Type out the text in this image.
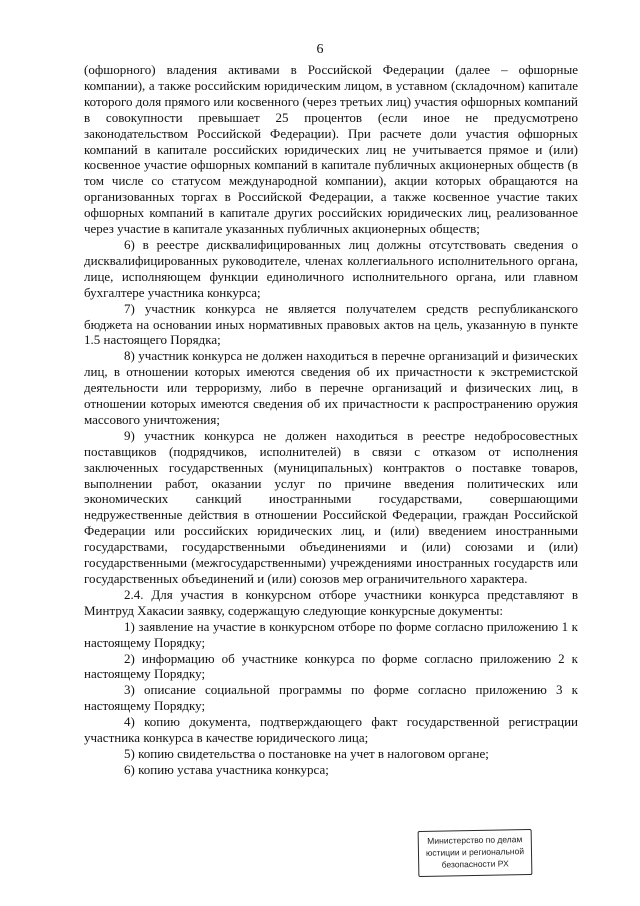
6

(офшорного) владения активами в Российской Федерации (далее – офшорные компании), а также российским юридическим лицом, в уставном (складочном) капитале которого доля прямого или косвенного (через третьих лиц) участия офшорных компаний в совокупности превышает 25 процентов (если иное не предусмотрено законодательством Российской Федерации). При расчете доли участия офшорных компаний в капитале российских юридических лиц не учитывается прямое и (или) косвенное участие офшорных компаний в капитале публичных акционерных обществ (в том числе со статусом международной компании), акции которых обращаются на организованных торгах в Российской Федерации, а также косвенное участие таких офшорных компаний в капитале других российских юридических лиц, реализованное через участие в капитале указанных публичных акционерных обществ;

6) в реестре дисквалифицированных лиц должны отсутствовать сведения о дисквалифицированных руководителе, членах коллегиального исполнительного органа, лице, исполняющем функции единоличного исполнительного органа, или главном бухгалтере участника конкурса;

7) участник конкурса не является получателем средств республиканского бюджета на основании иных нормативных правовых актов на цель, указанную в пункте 1.5 настоящего Порядка;

8) участник конкурса не должен находиться в перечне организаций и физических лиц, в отношении которых имеются сведения об их причастности к экстремистской деятельности или терроризму, либо в перечне организаций и физических лиц, в отношении которых имеются сведения об их причастности к распространению оружия массового уничтожения;

9) участник конкурса не должен находиться в реестре недобросовестных поставщиков (подрядчиков, исполнителей) в связи с отказом от исполнения заключенных государственных (муниципальных) контрактов о поставке товаров, выполнении работ, оказании услуг по причине введения политических или экономических санкций иностранными государствами, совершающими недружественные действия в отношении Российской Федерации, граждан Российской Федерации или российских юридических лиц, и (или) введением иностранными государствами, государственными объединениями и (или) союзами и (или) государственными (межгосударственными) учреждениями иностранных государств или государственных объединений и (или) союзов мер ограничительного характера.

2.4. Для участия в конкурсном отборе участники конкурса представляют в Минтруд Хакасии заявку, содержащую следующие конкурсные документы:

1) заявление на участие в конкурсном отборе по форме согласно приложению 1 к настоящему Порядку;

2) информацию об участнике конкурса по форме согласно приложению 2 к настоящему Порядку;

3) описание социальной программы по форме согласно приложению 3 к настоящему Порядку;

4) копию документа, подтверждающего факт государственной регистрации участника конкурса в качестве юридического лица;

5) копию свидетельства о постановке на учет в налоговом органе;

6) копию устава участника конкурса;

Министерство по делам
юстиции и региональной
безопасности РХ
